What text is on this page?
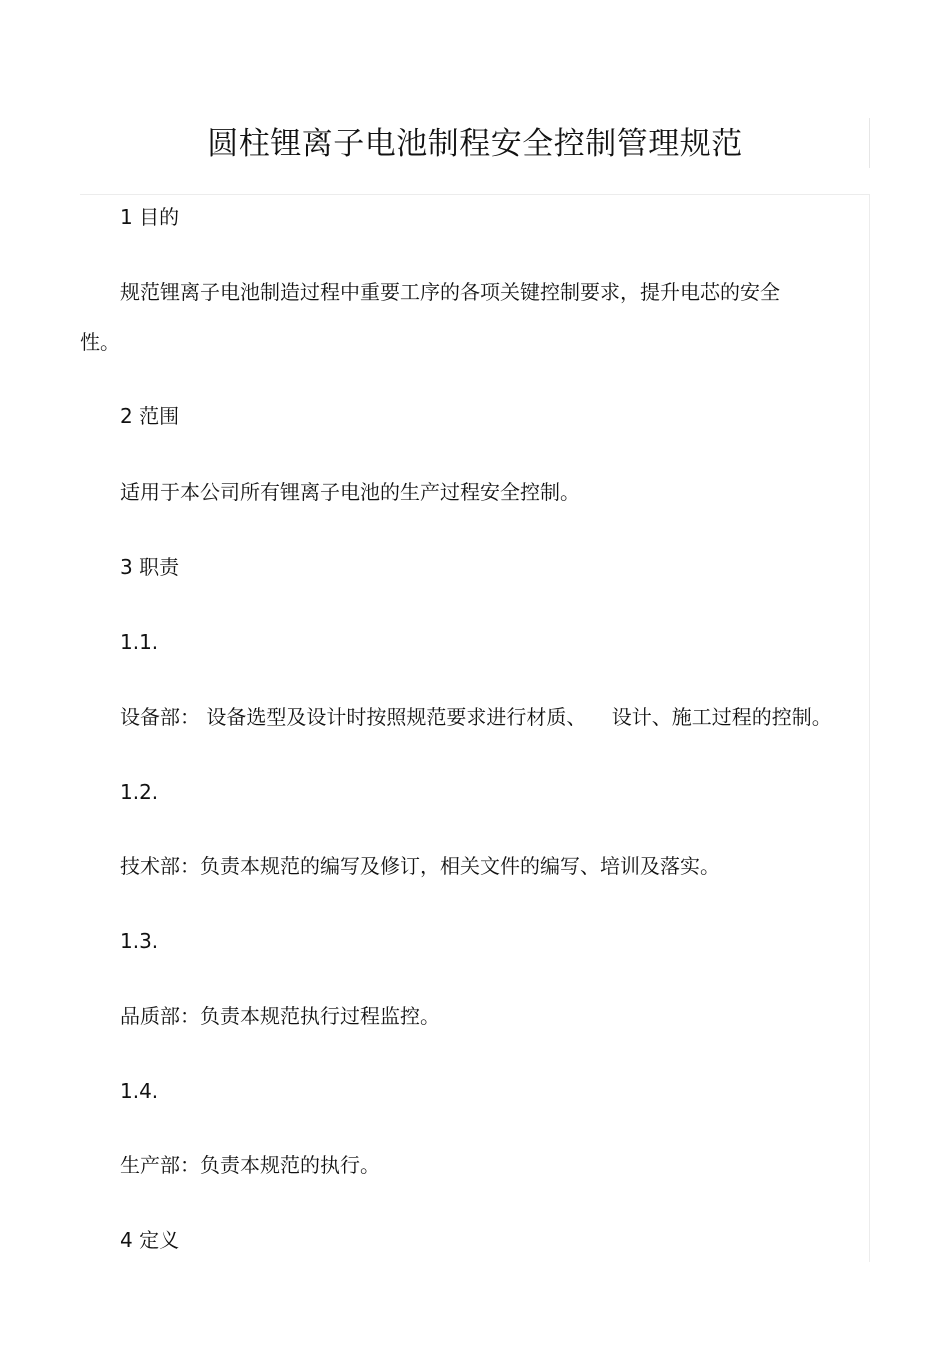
圆柱锂离子电池制程安全控制管理规范
1 目的
规范锂离子电池制造过程中重要工序的各项关键控制要求，提升电芯的安全
性。
2 范围
适用于本公司所有锂离子电池的生产过程安全控制。
3 职责
1.1.
设备部： 设备选型及设计时按照规范要求进行材质、    设计、施工过程的控制。
1.2.
技术部：负责本规范的编写及修订，相关文件的编写、培训及落实。
1.3.
品质部：负责本规范执行过程监控。
1.4.
生产部：负责本规范的执行。
4 定义
